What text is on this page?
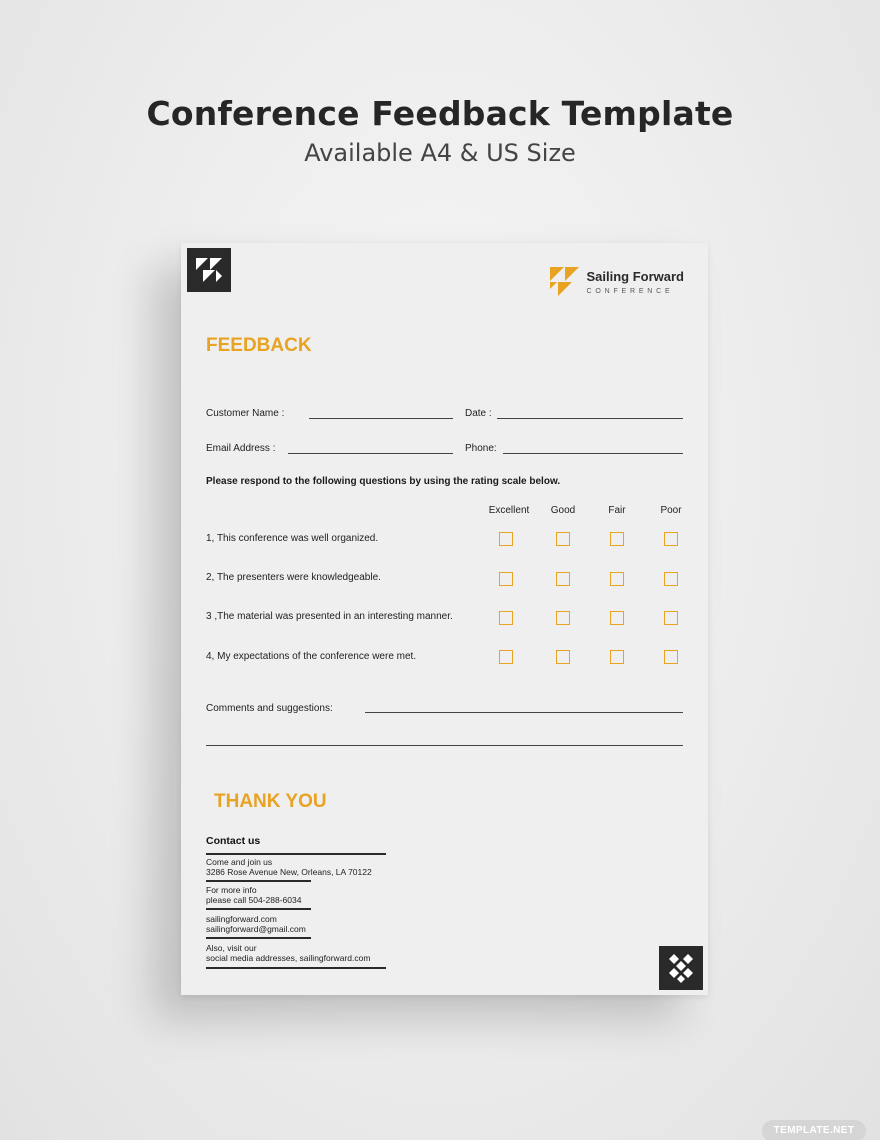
Conference Feedback Template
Available A4 & US Size
Sailing Forward
CONFERENCE
FEEDBACK
Customer Name :	Date :
Email Address :	Phone:
Please respond to the following questions by using the rating scale below.
Excellent	Good	Fair	Poor
1, This conference was well organized.
2, The presenters were knowledgeable.
3 ,The material was presented in an interesting manner.
4, My expectations of the conference were met.
Comments and suggestions:
THANK YOU
Contact us
Come and join us
3286 Rose Avenue New, Orleans, LA 70122
For more info
please call 504-288-6034
sailingforward.com
sailingforward@gmail.com
Also, visit our
social media addresses, sailingforward.com
TEMPLATE.NET
